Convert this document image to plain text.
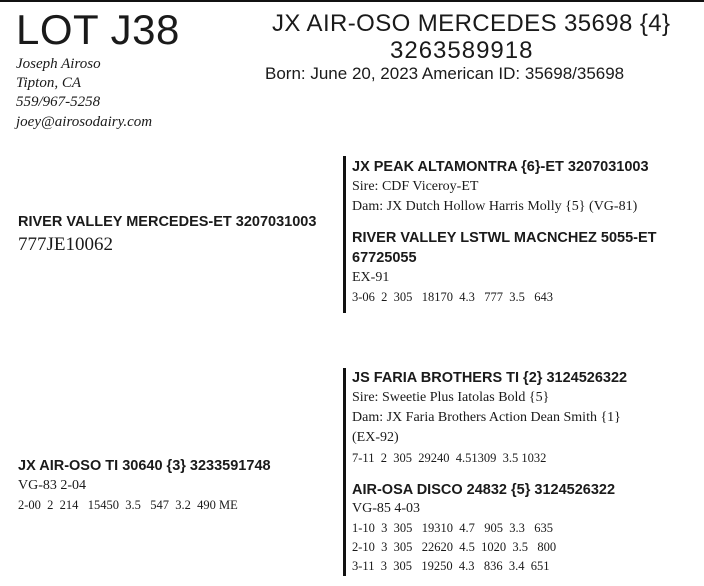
LOT J38
Joseph Airoso
Tipton, CA
559/967-5258
joey@airosodairy.com
JX AIR-OSO MERCEDES 35698 {4}
3263589918
Born: June 20, 2023 American ID: 35698/35698
RIVER VALLEY MERCEDES-ET 3207031003
777JE10062
JX PEAK ALTAMONTRA {6}-ET 3207031003
Sire: CDF Viceroy-ET
Dam: JX Dutch Hollow Harris Molly {5} (VG-81)
RIVER VALLEY LSTWL MACNCHEZ 5055-ET
67725055
EX-91
3-06  2  305   18170  4.3   777  3.5   643
JX AIR-OSO TI 30640 {3} 3233591748
VG-83 2-04
2-00  2  214   15450  3.5   547  3.2  490 ME
JS FARIA BROTHERS TI {2} 3124526322
Sire: Sweetie Plus Iatolas Bold {5}
Dam: JX Faria Brothers Action Dean Smith {1}
(EX-92)
7-11  2  305  29240  4.51309  3.5 1032
AIR-OSA DISCO 24832 {5} 3124526322
VG-85 4-03
1-10  3  305   19310  4.7   905  3.3   635
2-10  3  305   22620  4.5  1020  3.5   800
3-11  3  305   19250  4.3   836  3.4  651
